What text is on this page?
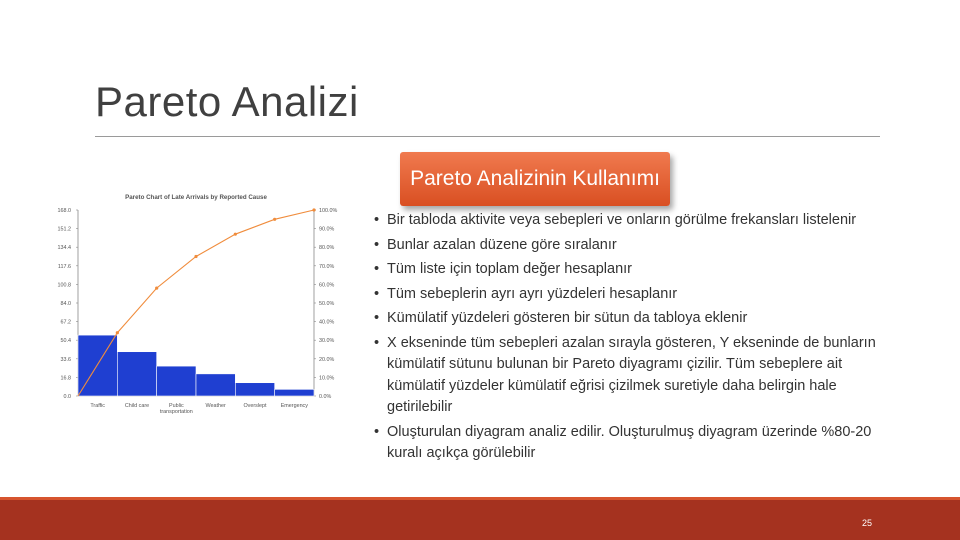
Pareto Analizi
Pareto Analizinin Kullanımı
Pareto Chart of Late Arrivals by Reported Cause
0.0
16.8
33.6
50.4
67.2
84.0
100.8
117.6
134.4
151.2
168.0
0.0%
10.0%
20.0%
30.0%
40.0%
50.0%
60.0%
70.0%
80.0%
90.0%
100.0%
Traffic	Child care	Public
transportation
Weather	Overslept	Emergency
• Bir tabloda aktivite veya sebepleri ve onların görülme frekansları listelenir
• Bunlar azalan düzene göre sıralanır
• Tüm liste için toplam değer hesaplanır
• Tüm sebeplerin ayrı ayrı yüzdeleri hesaplanır
• Kümülatif yüzdeleri gösteren bir sütun da tabloya eklenir
• X ekseninde tüm sebepleri azalan sırayla gösteren, Y ekseninde de bunların kümülatif sütunu bulunan bir Pareto diyagramı çizilir. Tüm sebeplere ait kümülatif yüzdeler kümülatif eğrisi çizilmek suretiyle daha belirgin hale getirilebilir
• Oluşturulan diyagram analiz edilir. Oluşturulmuş diyagram üzerinde %80-20 kuralı açıkça görülebilir
25
